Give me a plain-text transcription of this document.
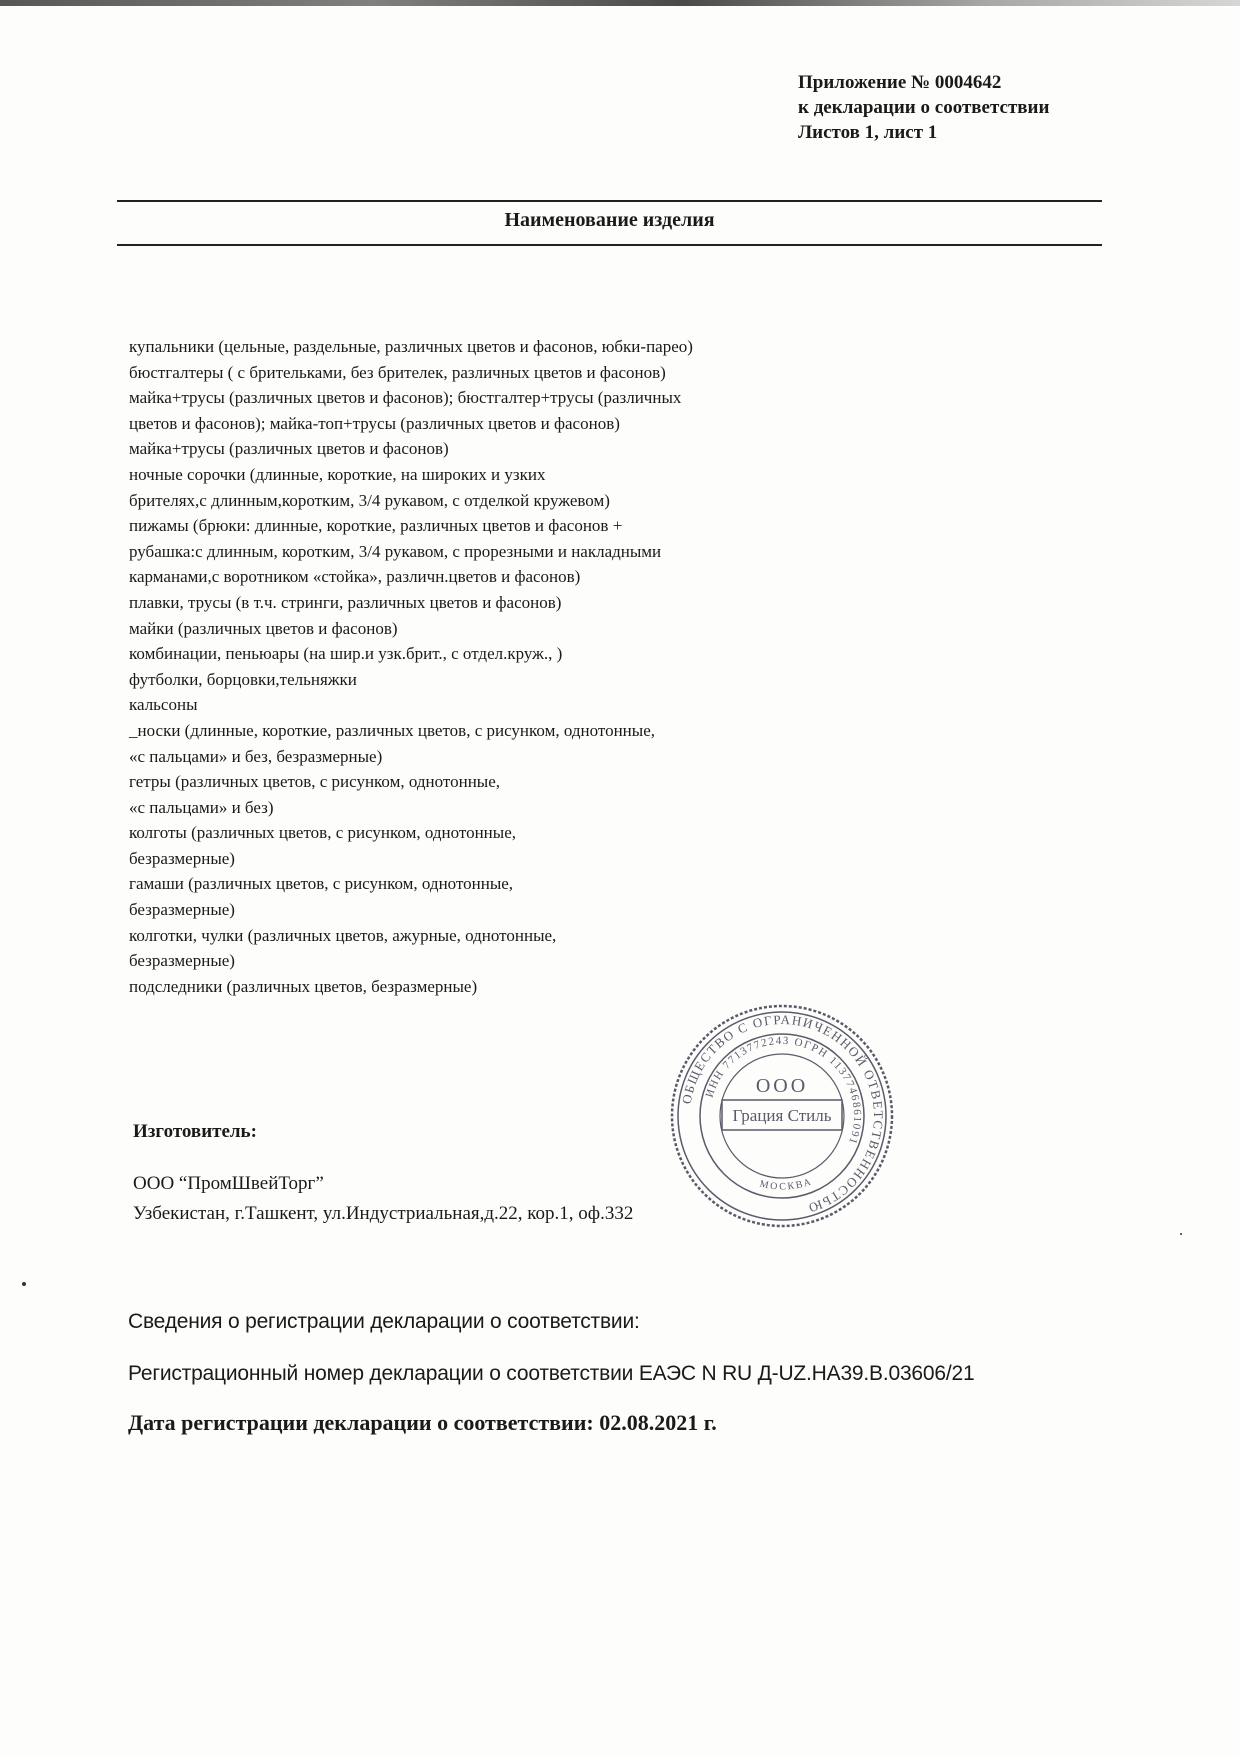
Приложение № 0004642
к декларации о соответствии
Листов 1, лист 1
Наименование изделия
купальники (цельные, раздельные, различных цветов и фасонов, юбки-парео)
бюстгалтеры ( с брительками, без брителек, различных цветов и фасонов)
майка+трусы (различных цветов и фасонов); бюстгалтер+трусы (различных
цветов и фасонов); майка-топ+трусы (различных цветов и фасонов)
майка+трусы (различных цветов и фасонов)
ночные сорочки (длинные, короткие, на широких и узких
брителях,с длинным,коротким, 3/4 рукавом, с отделкой кружевом)
пижамы (брюки: длинные, короткие, различных цветов и фасонов +
рубашка:с длинным, коротким, 3/4 рукавом, с прорезными и накладными
карманами,с воротником «стойка», различн.цветов и фасонов)
плавки, трусы (в т.ч. стринги, различных цветов и фасонов)
майки (различных цветов и фасонов)
комбинации, пеньюары (на шир.и узк.брит., с отдел.круж., )
футболки, борцовки,тельняжки
кальсоны
_носки (длинные, короткие, различных цветов, с рисунком, однотонные,
«с пальцами» и без, безразмерные)
гетры (различных цветов, с рисунком, однотонные,
«с пальцами» и без)
колготы (различных цветов, с рисунком, однотонные,
безразмерные)
гамаши (различных цветов, с рисунком, однотонные,
безразмерные)
колготки, чулки (различных цветов, ажурные, однотонные,
безразмерные)
подследники (различных цветов, безразмерные)
Изготовитель:
ООО “ПромШвейТорг”
Узбекистан, г.Ташкент, ул.Индустриальная,д.22, кор.1, оф.332
ОБЩЕСТВО С ОГРАНИЧЕННОЙ ОТВЕТСТВЕННОСТЬЮ
ИНН 7713772243 ОГРН 1137746861091
ООО
Грация Стиль
МОСКВА
Сведения о регистрации декларации о соответствии:
Регистрационный номер декларации о соответствии ЕАЭС N RU Д-UZ.HA39.B.03606/21
Дата регистрации декларации о соответствии: 02.08.2021 г.
